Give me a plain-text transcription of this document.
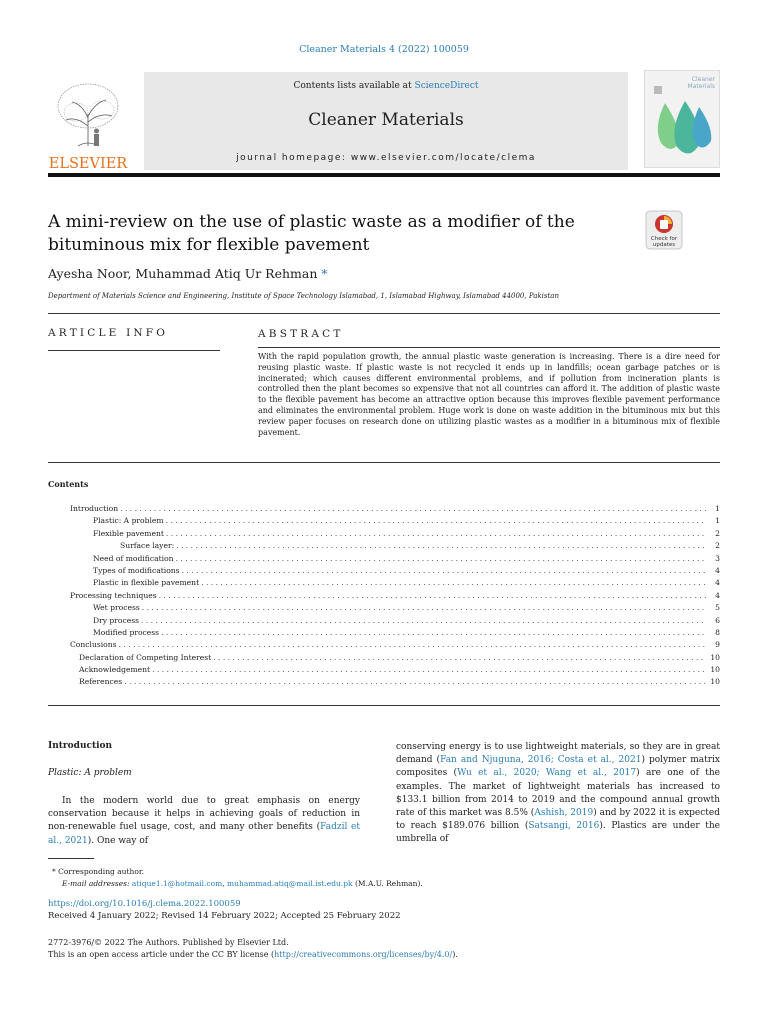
Cleaner Materials 4 (2022) 100059
ELSEVIER
Contents lists available at ScienceDirect
Cleaner Materials
journal homepage: www.elsevier.com/locate/clema
Cleaner Materials
A mini-review on the use of plastic waste as a modifier of the bituminous mix for flexible pavement	Check for
updates
Ayesha Noor, Muhammad Atiq Ur Rehman *
Department of Materials Science and Engineering, Institute of Space Technology Islamabad, 1, Islamabad Highway, Islamabad 44000, Pakistan
ARTICLE INFO	ABSTRACT
With the rapid population growth, the annual plastic waste generation is increasing. There is a dire need for reusing plastic waste. If plastic waste is not recycled it ends up in landfills; ocean garbage patches or is incinerated; which causes different environmental problems, and if pollution from incineration plants is controlled then the plant becomes so expensive that not all countries can afford it. The addition of plastic waste to the flexible pavement has become an attractive option because this improves flexible pavement performance and eliminates the environmental problem. Huge work is done on waste addition in the bituminous mix but this review paper focuses on research done on utilizing plastic wastes as a modifier in a bituminous mix of flexible pavement.
Contents
Introduction . . .	1
Plastic: A problem . . .	1
Flexible pavement . . .	2
Surface layer: . . .	2
Need of modification . . .	3
Types of modifications . . .	4
Plastic in flexible pavement . . .	4
Processing techniques . . .	4
Wet process . . .	5
Dry process . . .	6
Modified process . . .	8
Conclusions . . .	9
Declaration of Competing Interest . . .	10
Acknowledgement . . .	10
References . . .	10
Introduction
Plastic: A problem
In the modern world due to great emphasis on energy conservation because it helps in achieving goals of reduction in non-renewable fuel usage, cost, and many other benefits (Fadzil et al., 2021). One way of
conserving energy is to use lightweight materials, so they are in great demand (Fan and Njuguna, 2016; Costa et al., 2021) polymer matrix composites (Wu et al., 2020; Wang et al., 2017) are one of the examples. The market of lightweight materials has increased to $133.1 billion from 2014 to 2019 and the compound annual growth rate of this market was 8.5% (Ashish, 2019) and by 2022 it is expected to reach $189.076 billion (Satsangi, 2016). Plastics are under the umbrella of
* Corresponding author.
E-mail addresses: atique1.1@hotmail.com, muhammad.atiq@mail.ist.edu.pk (M.A.U. Rehman).
https://doi.org/10.1016/j.clema.2022.100059
Received 4 January 2022; Revised 14 February 2022; Accepted 25 February 2022
2772-3976/© 2022 The Authors. Published by Elsevier Ltd.
This is an open access article under the CC BY license (http://creativecommons.org/licenses/by/4.0/).
